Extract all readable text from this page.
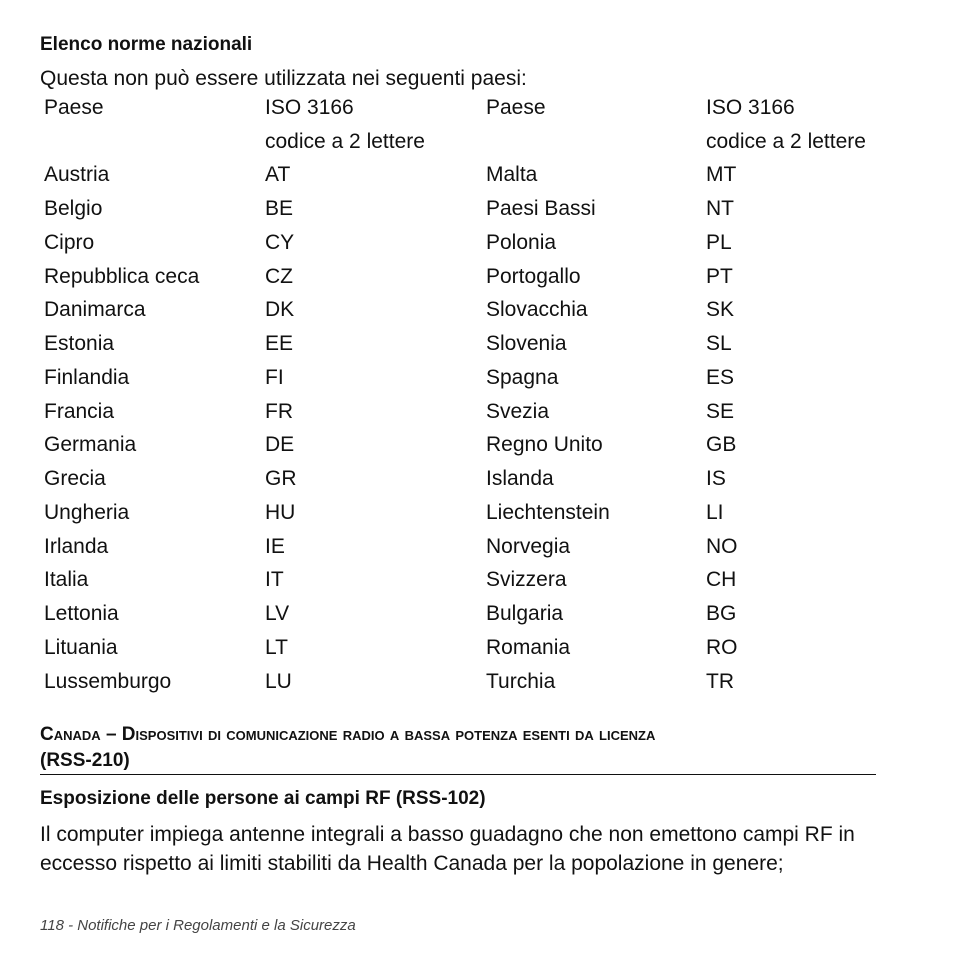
Elenco norme nazionali

Questa non può essere utilizzata nei seguenti paesi:

Paese	ISO 3166	Paese	ISO 3166
	codice a 2 lettere		codice a 2 lettere
Austria	AT	Malta	MT
Belgio	BE	Paesi Bassi	NT
Cipro	CY	Polonia	PL
Repubblica ceca	CZ	Portogallo	PT
Danimarca	DK	Slovacchia	SK
Estonia	EE	Slovenia	SL
Finlandia	FI	Spagna	ES
Francia	FR	Svezia	SE
Germania	DE	Regno Unito	GB
Grecia	GR	Islanda	IS
Ungheria	HU	Liechtenstein	LI
Irlanda	IE	Norvegia	NO
Italia	IT	Svizzera	CH
Lettonia	LV	Bulgaria	BG
Lituania	LT	Romania	RO
Lussemburgo	LU	Turchia	TR
Canada – Dispositivi di comunicazione radio a bassa potenza esenti da licenza
(RSS-210)

Esposizione delle persone ai campi RF (RSS-102)

Il computer impiega antenne integrali a basso guadagno che non emettono campi RF in eccesso rispetto ai limiti stabiliti da Health Canada per la popolazione in genere;

118 - Notifiche per i Regolamenti e la Sicurezza
